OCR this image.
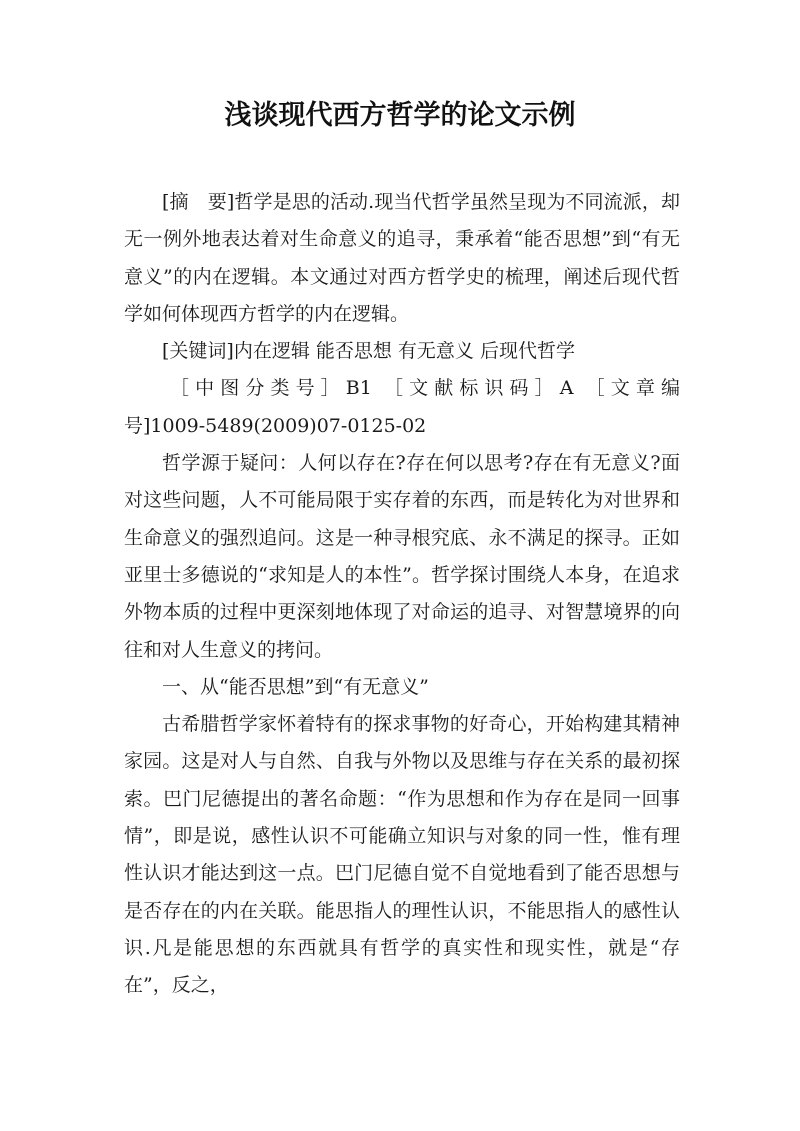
浅谈现代西方哲学的论文示例

[摘　要]哲学是思的活动.现当代哲学虽然呈现为不同流派，却无一例外地表达着对生命意义的追寻，秉承着“能否思想”到“有无意义”的内在逻辑。本文通过对西方哲学史的梳理，阐述后现代哲学如何体现西方哲学的内在逻辑。

[关键词]内在逻辑 能否思想 有无意义 后现代哲学

［中图分类号］B1 ［文献标识码］A ［文章编

号]1009-5489(2009)07-0125-02

哲学源于疑问：人何以存在?存在何以思考?存在有无意义?面对这些问题，人不可能局限于实存着的东西，而是转化为对世界和生命意义的强烈追问。这是一种寻根究底、永不满足的探寻。正如亚里士多德说的“求知是人的本性”。哲学探讨围绕人本身，在追求外物本质的过程中更深刻地体现了对命运的追寻、对智慧境界的向往和对人生意义的拷问。

一、从“能否思想”到“有无意义”

古希腊哲学家怀着特有的探求事物的好奇心，开始构建其精神家园。这是对人与自然、自我与外物以及思维与存在关系的最初探索。巴门尼德提出的著名命题：“作为思想和作为存在是同一回事情”，即是说，感性认识不可能确立知识与对象的同一性，惟有理性认识才能达到这一点。巴门尼德自觉不自觉地看到了能否思想与是否存在的内在关联。能思指人的理性认识，不能思指人的感性认识.凡是能思想的东西就具有哲学的真实性和现实性，就是“存在”，反之，
